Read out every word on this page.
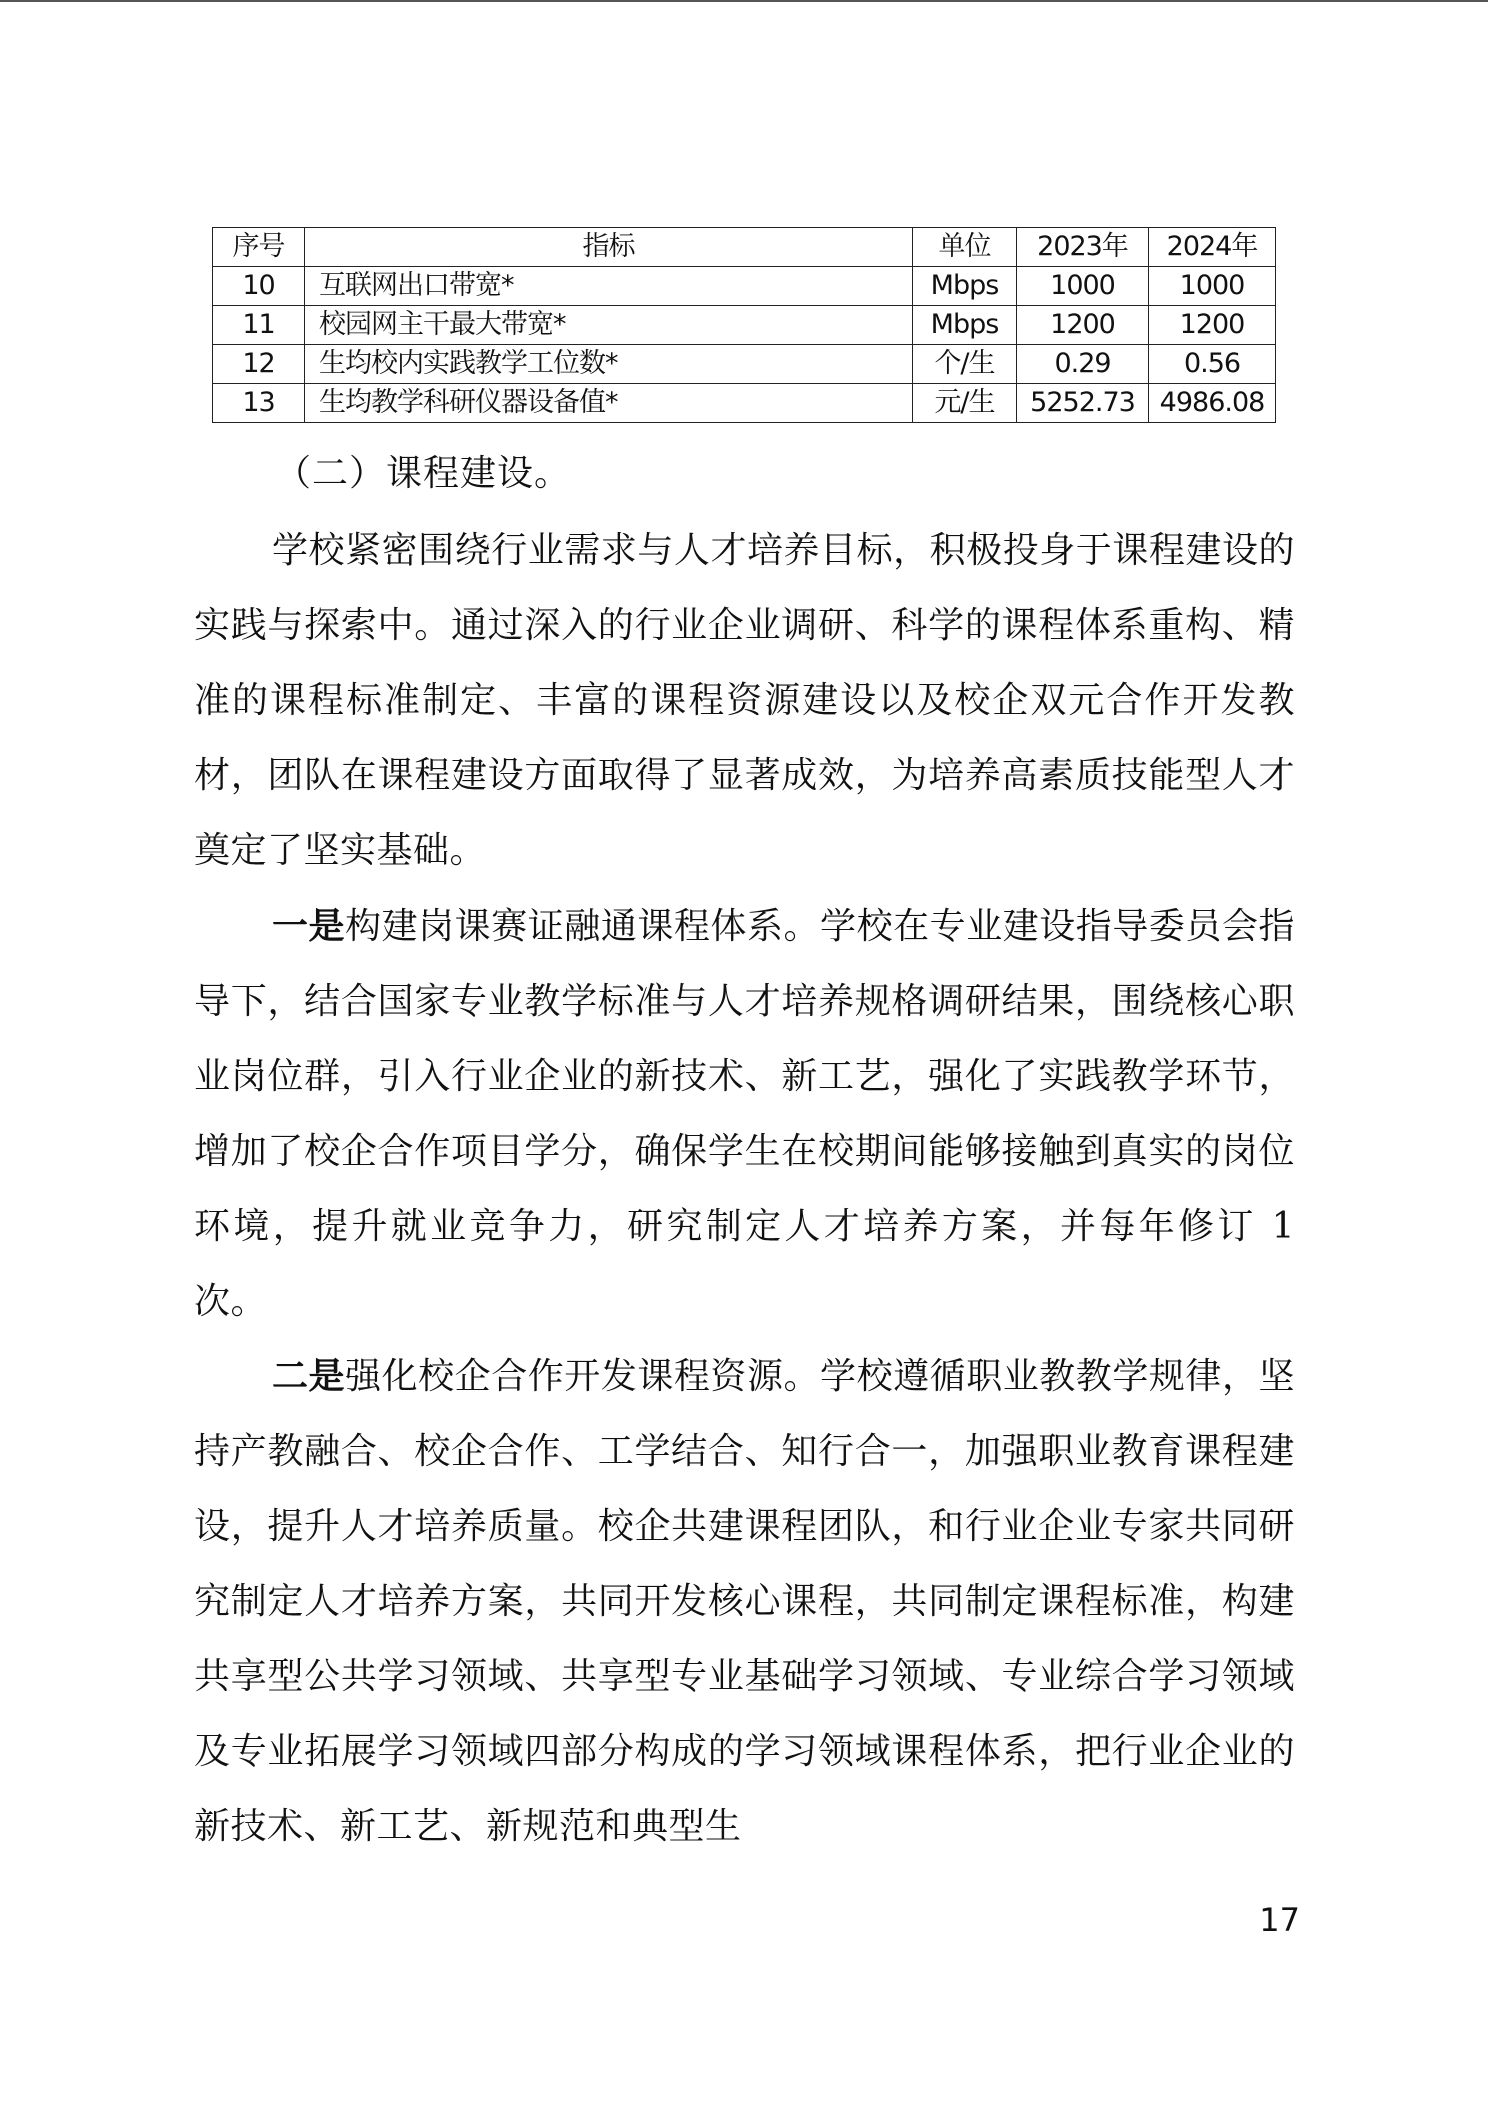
序号	指标	单位	2023年	2024年
10	互联网出口带宽*	Mbps	1000	1000
11	校园网主干最大带宽*	Mbps	1200	1200
12	生均校内实践教学工位数*	个/生	0.29	0.56
13	生均教学科研仪器设备值*	元/生	5252.73	4986.08
（二）课程建设。

学校紧密围绕行业需求与人才培养目标，积极投身于课程建设的实践与探索中。通过深入的行业企业调研、科学的课程体系重构、精准的课程标准制定、丰富的课程资源建设以及校企双元合作开发教材，团队在课程建设方面取得了显著成效，为培养高素质技能型人才奠定了坚实基础。

一是构建岗课赛证融通课程体系。学校在专业建设指导委员会指导下，结合国家专业教学标准与人才培养规格调研结果，围绕核心职业岗位群，引入行业企业的新技术、新工艺，强化了实践教学环节，增加了校企合作项目学分，确保学生在校期间能够接触到真实的岗位环境，提升就业竞争力，研究制定人才培养方案，并每年修订 1 次。

二是强化校企合作开发课程资源。学校遵循职业教教学规律，坚持产教融合、校企合作、工学结合、知行合一，加强职业教育课程建设，提升人才培养质量。校企共建课程团队，和行业企业专家共同研究制定人才培养方案，共同开发核心课程，共同制定课程标准，构建共享型公共学习领域、共享型专业基础学习领域、专业综合学习领域及专业拓展学习领域四部分构成的学习领域课程体系，把行业企业的新技术、新工艺、新规范和典型生

17
